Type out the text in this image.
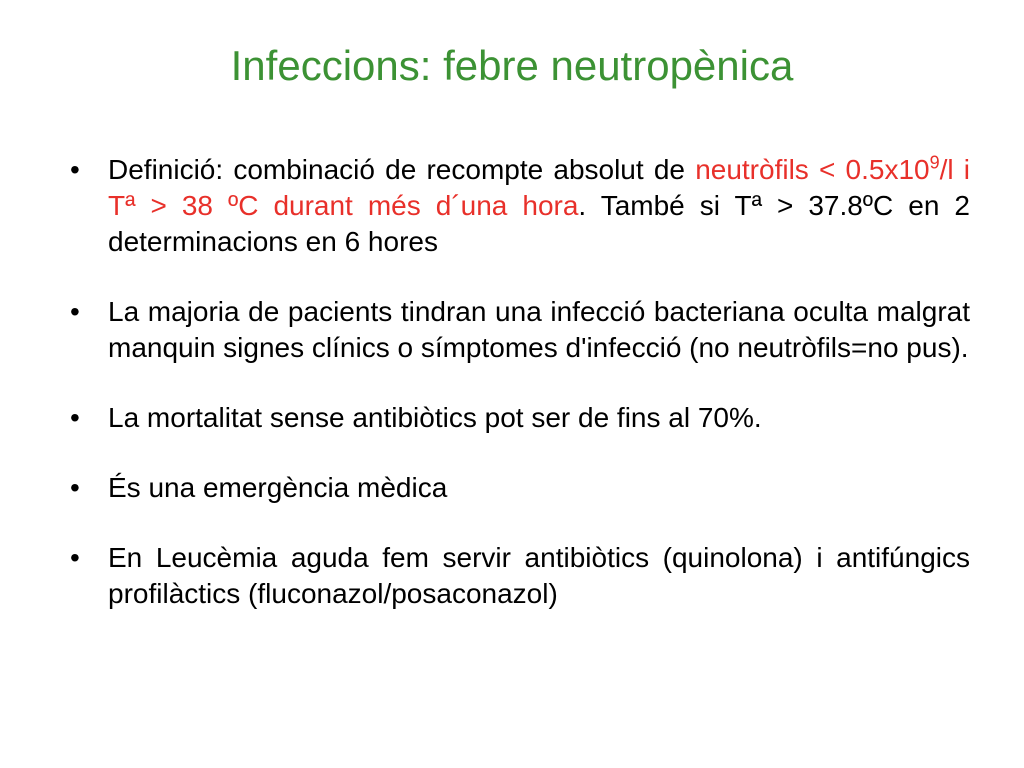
Infeccions: febre neutropènica
• Definició: combinació de recompte absolut de neutròfils < $0.5x10^9/l$ i Tª > 38 ºC durant més d´una hora. També si Tª > 37.8ºC en 2 determinacions en 6 hores
• La majoria de pacients tindran una infecció bacteriana oculta malgrat manquin signes clínics o símptomes d'infecció (no neutròfils=no pus).
• La mortalitat sense antibiòtics pot ser de fins al 70%.
• És una emergència mèdica
• En Leucèmia aguda fem servir antibiòtics (quinolona) i antifúngics profilàctics (fluconazol/posaconazol)
